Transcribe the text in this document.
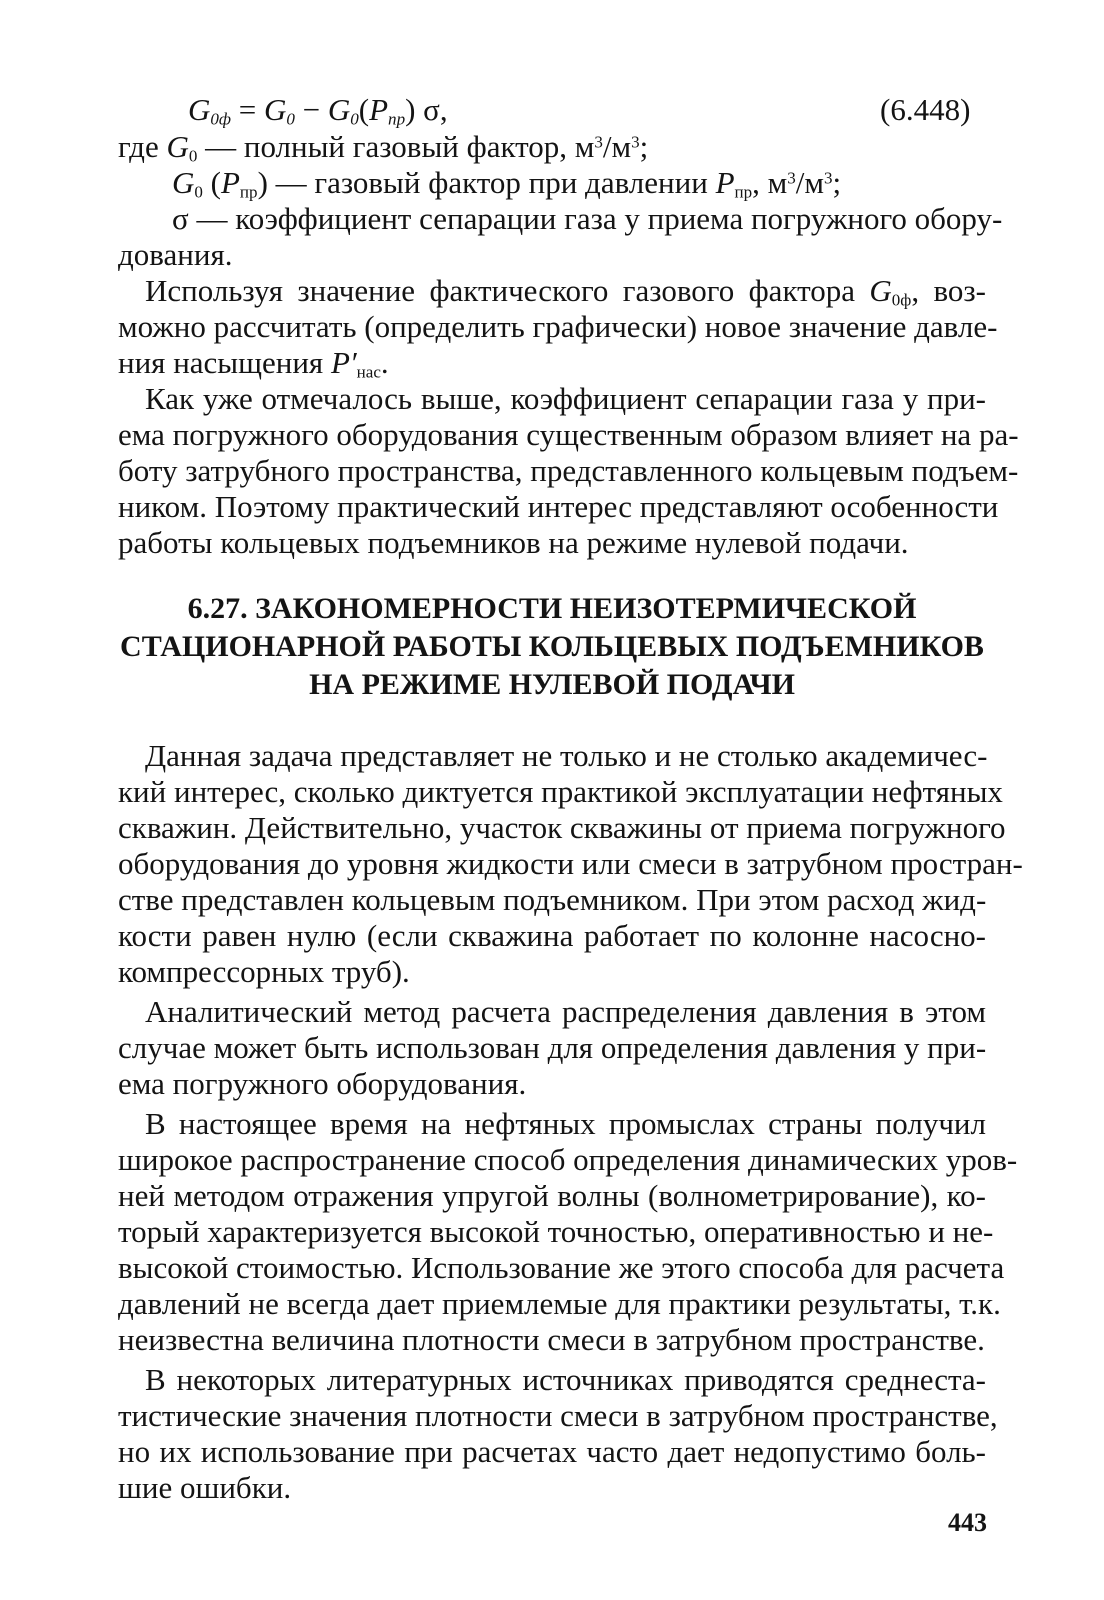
$G_{0ф} = G_0 - G_0(P_{пр})$ σ,	(6.448)
где $G_0$ — полный газовый фактор, $м^3/м^3$;
$G_0$ $(P_{пр})$ — газовый фактор при давлении $P_{пр}$, $м^3/м^3$;
σ — коэффициент сепарации газа у приема погружного обору-
дования.
Используя значение фактического газового фактора $G_{0ф}$, воз-
можно рассчитать (определить графически) новое значение давле-
ния насыщения $P'_{нас}$.
Как уже отмечалось выше, коэффициент сепарации газа у при-
ема погружного оборудования существенным образом влияет на ра-
боту затрубного пространства, представленного кольцевым подъем-
ником. Поэтому практический интерес представляют особенности
работы кольцевых подъемников на режиме нулевой подачи.
6.27. ЗАКОНОМЕРНОСТИ НЕИЗОТЕРМИЧЕСКОЙ
СТАЦИОНАРНОЙ РАБОТЫ КОЛЬЦЕВЫХ ПОДЪЕМНИКОВ
НА РЕЖИМЕ НУЛЕВОЙ ПОДАЧИ
Данная задача представляет не только и не столько академичес-
кий интерес, сколько диктуется практикой эксплуатации нефтяных
скважин. Действительно, участок скважины от приема погружного
оборудования до уровня жидкости или смеси в затрубном простран-
стве представлен кольцевым подъемником. При этом расход жид-
кости равен нулю (если скважина работает по колонне насосно-
компрессорных труб).
Аналитический метод расчета распределения давления в этом
случае может быть использован для определения давления у при-
ема погружного оборудования.
В настоящее время на нефтяных промыслах страны получил
широкое распространение способ определения динамических уров-
ней методом отражения упругой волны (волнометрирование), ко-
торый характеризуется высокой точностью, оперативностью и не-
высокой стоимостью. Использование же этого способа для расчета
давлений не всегда дает приемлемые для практики результаты, т.к.
неизвестна величина плотности смеси в затрубном пространстве.
В некоторых литературных источниках приводятся среднеста-
тистические значения плотности смеси в затрубном пространстве,
но их использование при расчетах часто дает недопустимо боль-
шие ошибки.
443
